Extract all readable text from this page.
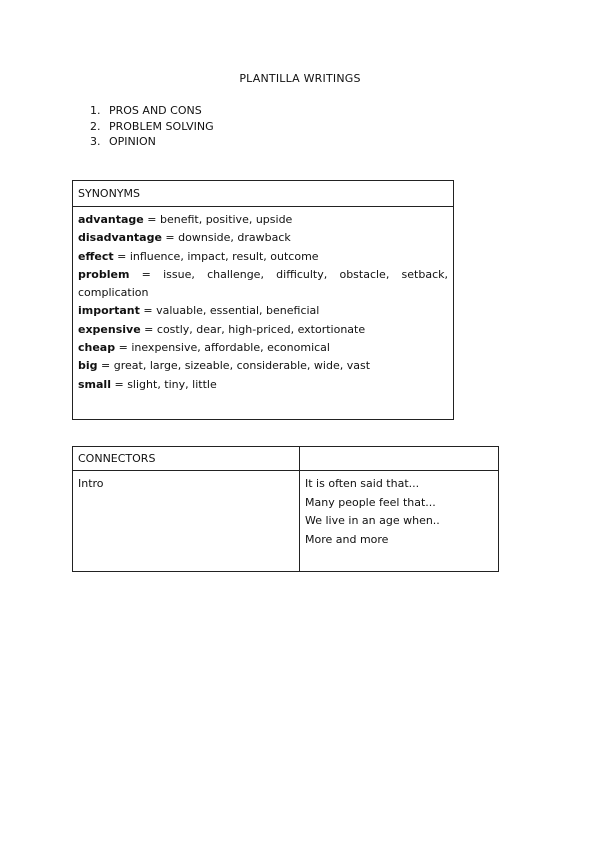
PLANTILLA WRITINGS
1. PROS AND CONS
2. PROBLEM SOLVING
3. OPINION
SYNONYMS

advantage = benefit, positive, upside
disadvantage = downside, drawback
effect = influence, impact, result, outcome
problem = issue, challenge, difficulty, obstacle, setback, complication
important = valuable, essential, beneficial
expensive = costly, dear, high-priced, extortionate
cheap = inexpensive, affordable, economical
big = great, large, sizeable, considerable, wide, vast
small = slight, tiny, little
CONNECTORS	
Intro	It is often said that...
Many people feel that...
We live in an age when..
More and more
